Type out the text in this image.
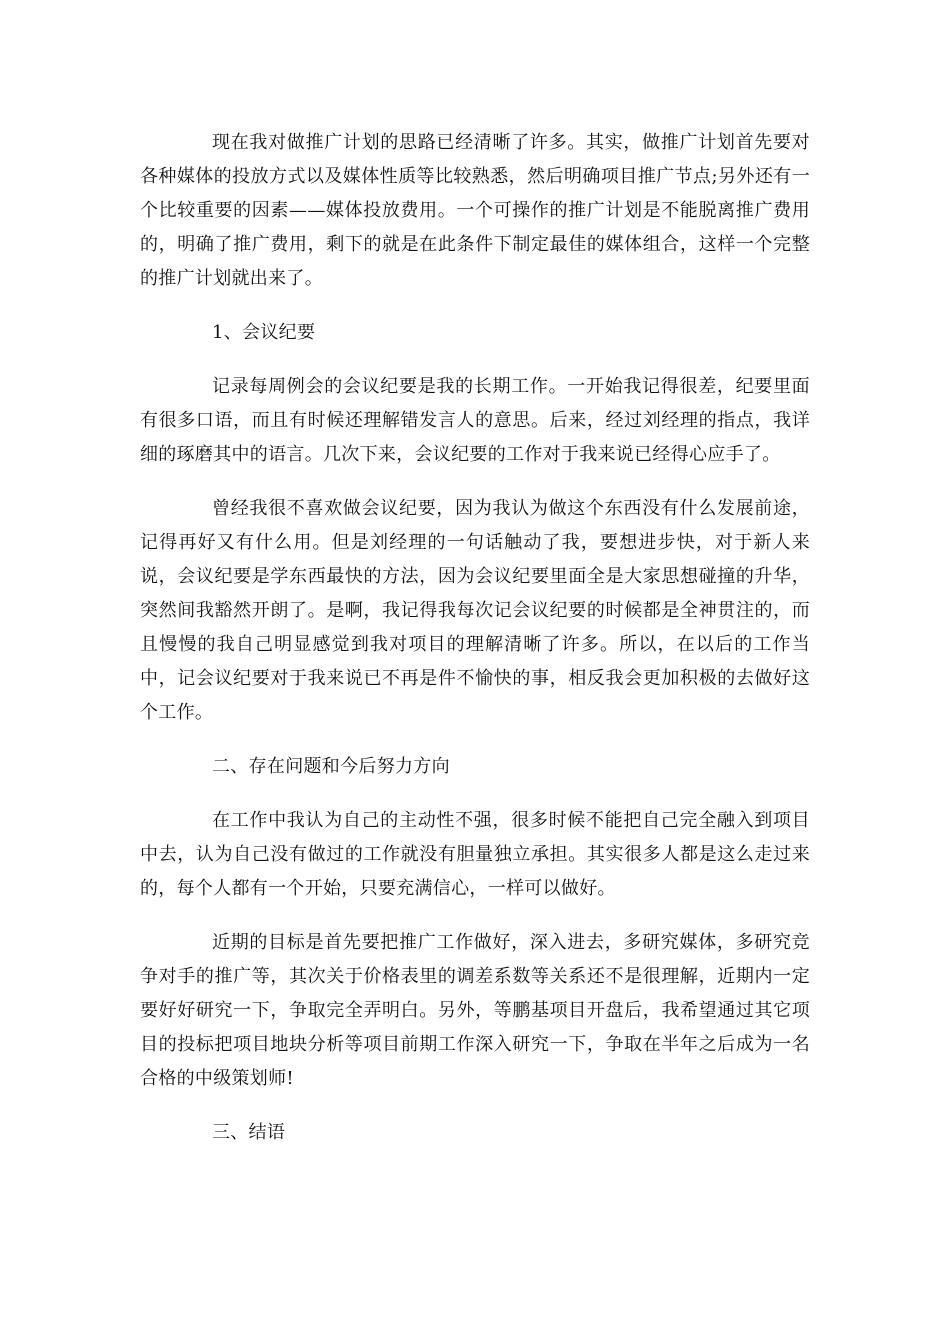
现在我对做推广计划的思路已经清晰了许多。其实，做推广计划首先要对各种媒体的投放方式以及媒体性质等比较熟悉，然后明确项目推广节点;另外还有一个比较重要的因素——媒体投放费用。一个可操作的推广计划是不能脱离推广费用的，明确了推广费用，剩下的就是在此条件下制定最佳的媒体组合，这样一个完整的推广计划就出来了。

1、会议纪要

记录每周例会的会议纪要是我的长期工作。一开始我记得很差，纪要里面有很多口语，而且有时候还理解错发言人的意思。后来，经过刘经理的指点，我详细的琢磨其中的语言。几次下来，会议纪要的工作对于我来说已经得心应手了。

曾经我很不喜欢做会议纪要，因为我认为做这个东西没有什么发展前途，记得再好又有什么用。但是刘经理的一句话触动了我，要想进步快，对于新人来说，会议纪要是学东西最快的方法，因为会议纪要里面全是大家思想碰撞的升华，突然间我豁然开朗了。是啊，我记得我每次记会议纪要的时候都是全神贯注的，而且慢慢的我自己明显感觉到我对项目的理解清晰了许多。所以，在以后的工作当中，记会议纪要对于我来说已不再是件不愉快的事，相反我会更加积极的去做好这个工作。

二、存在问题和今后努力方向

在工作中我认为自己的主动性不强，很多时候不能把自己完全融入到项目中去，认为自己没有做过的工作就没有胆量独立承担。其实很多人都是这么走过来的，每个人都有一个开始，只要充满信心，一样可以做好。

近期的目标是首先要把推广工作做好，深入进去，多研究媒体，多研究竞争对手的推广等，其次关于价格表里的调差系数等关系还不是很理解，近期内一定要好好研究一下，争取完全弄明白。另外，等鹏基项目开盘后，我希望通过其它项目的投标把项目地块分析等项目前期工作深入研究一下，争取在半年之后成为一名合格的中级策划师!

三、结语
